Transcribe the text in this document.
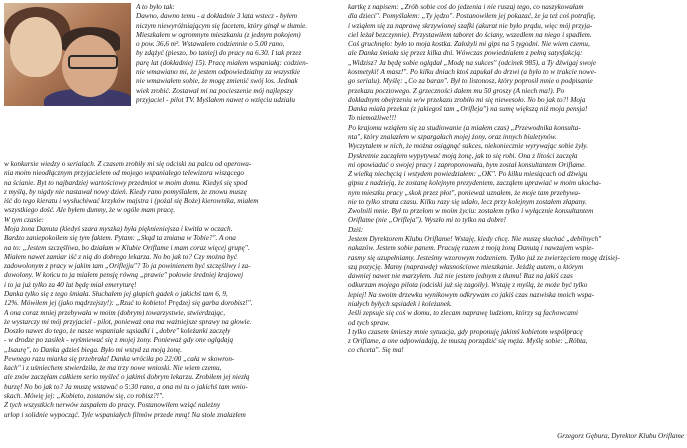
A to było tak:
Dawno, dawno temu - a dokładnie 3 lata wstecz - byłem
niczym niewyróżniającym się facetem, który ginął w tłumie.
Mieszkałem w ogromnym mieszkaniu (z jednym pokojem)
o pow. 36,6 m². Wstawałem codziennie o 5.00 rano,
by zdążyć (pieszo, bo taniej) do pracy na 6.30. I tak przez
parę lat (dokładniej 15). Pracę miałem wspaniałą: codzien-
nie wmawiano mi, że jestem odpowiedzialny za wszystkie
nie wmawiałem sobie, że mogę zmienić swój los. Jednak
wiek zrobić. Zostawał mi na pocieszenie mój najlepszy
przyjaciel - pilot TV. Myślałem nawet o wzięciu udziału
w konkursie wiedzy o serialach. Z czasem zrobiły mi się odciski na palcu od operowa-
nia moim nieodłącznym przyjacielem od mojego wspaniałego telewizora wiszącego
na ścianie. Byt to najbardziej wartościowy przedmiot w moim domu. Kiedyś się spod
z myślą, by nigdy nie nastawał nowy dzień. Kiedy rano pomyślałem, że znowu muszę
iść do tego kieratu i wysłuchiwać krzyków majstra i (pożal się Boże) kierownika, miałem
wszystkiego dość. Ale byłem dumny, że w ogóle mam pracę.
W tym czasie:
Moja żona Danuta (kiedyś szara myszka) była pięknieniejsza i kwitła w oczach.
Bardzo zaniepokoiłem się tym faktem. Pytam: „Skąd ta zmiana w Tobie?". A ona
na to: „Jestem szczęśliwa, bo działam w Klubie Oriflame i mam coraz więcej grupę".
Miałem nawet zamiar iść z nią do dobrego lekarza. No bo jak to? Czy można być
zadowolonym z pracy w jakim tam „Oriflejju"? To ja powinienem być szczęśliwy i za-
dowolony. W końcu to ja miałem pensję równą „prawie" połowie średniej krajowej
i to ja już tylko za 40 lat będę miał emeryturę!
Danka tylko się z tego śmiała. Słuchałem jej głupich gadek o jakichś tam 6, 9,
12%. Mówiłem jej (jako mądrzejszy!): „Rzuć to kobieto! Prędzej się garba dorobisz!".
A ona coraz mniej przebywała w moim (dobrym) towarzystwie, stwierdzając,
że wystarczy mi mój przyjaciel - pilot, ponieważ ona ma ważniejsze sprawy na głowie.
Doszło nawet do tego, że nasze wspaniałe sąsiadki i „dobre" koleżanki zaczęły
- w drodze po zasiłek - wyśmiewać się z mojej żony. Ponieważ gdy one oglądają
„Isaurę", to Danka gdzieś biega. Było mi wstyd za moją żonę.
Pewnego razu miarka się przebrała! Danka wróciła po 22:00 „cała w skowron-
kach" i z uśmiechem stwierdziła, że ma trzy nowe wnioski. Nie wiem czemu,
ale znów zaczęłam całkiem serio myśleć o jakimś dobrym lekarzu. Zrobiłem jej niezłą
burzę! No bo jak to? Ja muszę wstawać o 5:30 rano, a ona mi tu o jakichś tam wnio-
skach. Mówię jej: „Kobieto, zostanów się, co robisz?!".
Z tych wszystkich nerwów zaspałem do pracy. Postanowiłem wziąć należny
urlop i solidnie wypocząć. Tyle wspaniałych filmów przede mną! Na stole znalazłem
kartkę z napisem: „Zrób sobie coś do jedzenia i nie ruszaj tego, co naszykowałam
dla dzieci". Pomyślałem: „Ty jędzo". Postanowiłem jej pokazać, że ja też coś potrafię,
i wziąłem się za naprawę skrzywionej szafki (akurat nie było prądu, więc mój przyja-
ciel leżał bezczynnie). Przystawiłem taboret do ściany, wszedłem na niego i spadłem.
Coś gruchnęło: było to moja kostka. Założyli mi gips na 5 tygodni. Nie wiem czemu,
ale Danka śmiała się przez kilka dni. Wówczas powiedziałem z pełną satysfakcją:
„Widzisz? Ja będę sobie oglądał „Modę na sukces" (odcinek 985), a Ty dźwigaj swoje
kosmetyki! A masz!". Po kilku dniach ktoś zapukał do drzwi (a było to w trakcie nowe-
go serialu). Myślę: „Co za baran". Był to listonosz, który poprosił mnie o podpisanie
przekazu pocztowego. Z grzeczności dałem mu 50 groszy (A niech ma!). Po
dokładnym obejrzeniu w/w przekazu zrobiło mi się niewesoło. No bo jak to?! Moja
Danka miała przekaz (z jakiegoś tam „Oriflejа") na sumę większą niż moja pensja!
To niemożliwe!!!
Po krajomu wziąłem się za studiowanie (a miałem czas) „Przewodnika konsulta-
nta", który znalazłem w szpargałach mojej żony, oraz innych biuletynów.
Wyczytałem w nich, że można osiągnąć sukces, niekoniecznie wyrywając sobie żyły.
Dyskretnie zacząłem wypytywać moją żonę, jak to się robi. Ona z litości zaczęła
mi opowiadać o swojej pracy i zaproponowała, bym został konsultantem Oriflame.
Z wielką niechęcią i wstydem powiedziałem: „OK". Po kilku miesiącach od dźwigu
gipsu z nadzieją, że zostanę kolejnym prezydentem, zacząłem uprawiać w moim ukocha-
nym mieszku pracy „skok przez płot", ponieważ uznałem, że moje tam przebywa-
nie to tylko strata czasu. Kilku razy się udało, lecz przy kolejnym zostałem złapany.
Zwolnili mnie. Był to przełom w moim życiu: zostałem tylko i wyłącznie konsultantem
Oriflame (nie „Oriflejа"). Wyszło mi to tylko na dobre!
Dziś:
Jestem Dyrektorem Klubu Oriflame! Wstaję, kiedy chcę. Nie muszę słuchać „debilnych"
nakazów. Jestem sobie panem. Pracuję razem z moją żoną Danutą i nawzajem wspie-
rasmy się uzupełniamy. Jesteśmy wzorowym rodzeniem. Tylko już ze zwierzęciem mogę dzisiej-
szą pozycję. Mamy (naprawdę) własnościowe mieszkanie. Jeżdżę autem, o którym
dawniej nawet nie marzyłem. Już nie jestem jednym z tłumu! Raz na jakiś czas
odkurzam mojego pilota (odciski już się zagoiły). Wstaję z myślą, że może być tylko
lepiej! Na swoim drzewku wynikowym odkrywam co jakiś czas nazwiska moich wspa-
niałych byłych sąsiadek i koleżanek.
Jeśli zepsuje się coś w domu, to zlecam naprawę ludziom, którzy są fachowcami
od tych spraw.
I tylko czasem śmieszy mnie sytuacja, gdy proponuję jakimś kobietom współpracę
z Oriflame, a one odpowiadają, że muszą porządzić się męża. Myślę sobie: „Róbta,
co chceta". Się ma!
Grzegorz Gębura, Dyrektor Klubu Oriflame
